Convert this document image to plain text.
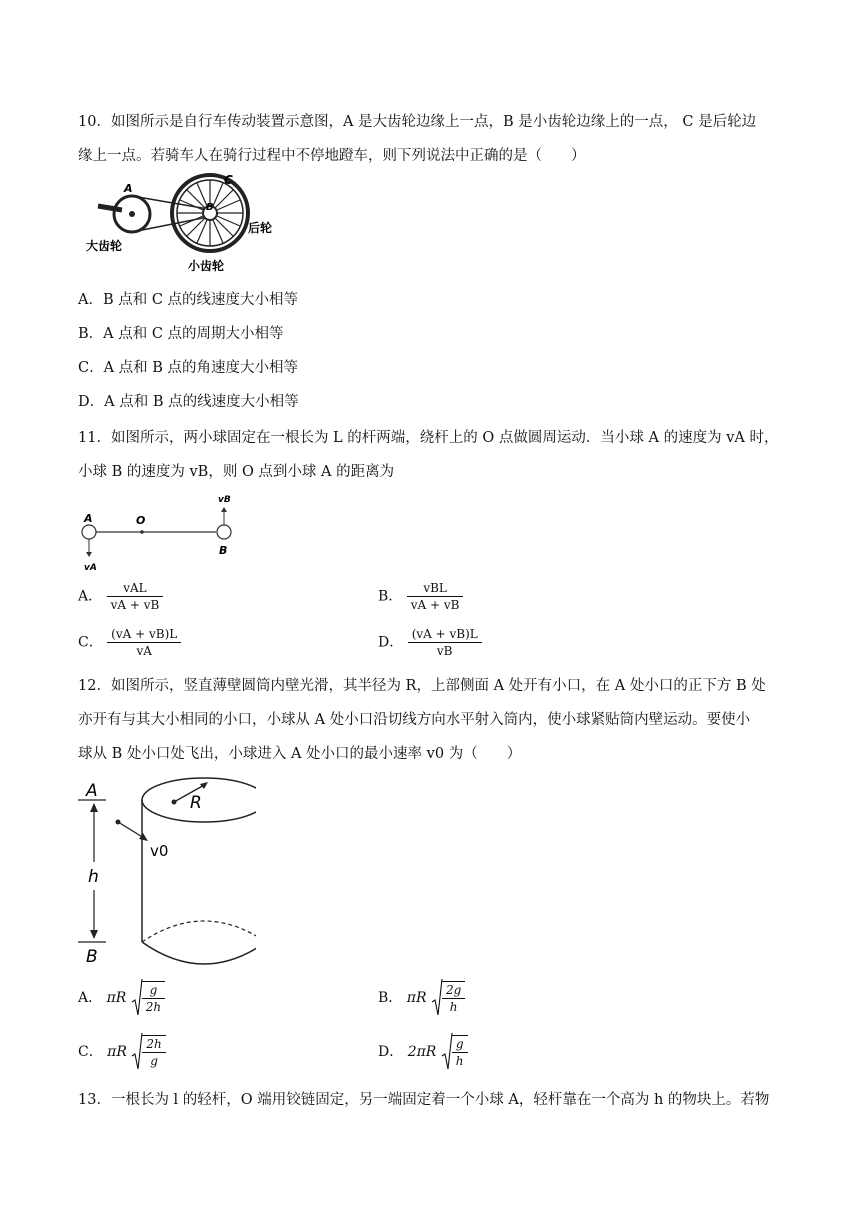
10．如图所示是自行车传动装置示意图，A 是大齿轮边缘上一点，B 是小齿轮边缘上的一点， C 是后轮边
缘上一点。若骑车人在骑行过程中不停地蹬车，则下列说法中正确的是（　　）
A
B
C
大齿轮
后轮
小齿轮
A．B 点和 C 点的线速度大小相等
B．A 点和 C 点的周期大小相等
C．A 点和 B 点的角速度大小相等
D．A 点和 B 点的线速度大小相等
11．如图所示，两小球固定在一根长为 L 的杆两端，绕杆上的 O 点做圆周运动．当小球 A 的速度为 vA 时，
小球 B 的速度为 vB，则 O 点到小球 A 的距离为
A	O
B
vA
vB
A． $\frac{\text{vAL}}{vA + vB}$	B． $\frac{\text{vBL}}{vA + vB}$
C． $\frac{(vA + vB)L}{vA}$	D． $\frac{(vA + vB)L}{vB}$
12．如图所示，竖直薄壁圆筒内壁光滑，其半径为 R，上部侧面 A 处开有小口，在 A 处小口的正下方 B 处
亦开有与其大小相同的小口，小球从 A 处小口沿切线方向水平射入筒内，使小球紧贴筒内壁运动。要使小
球从 B 处小口处飞出，小球进入 A 处小口的最小速率 v0 为（　　）
A
B
R
h
v0
A． πR $\frac{g}{2h}$	B． πR $\frac{2g}{h}$
C． πR $\frac{2h}{g}$	D． $2\pi R \frac{g}{h}$
13．一根长为 l 的轻杆，O 端用铰链固定，另一端固定着一个小球 A，轻杆靠在一个高为 h 的物块上。若物
